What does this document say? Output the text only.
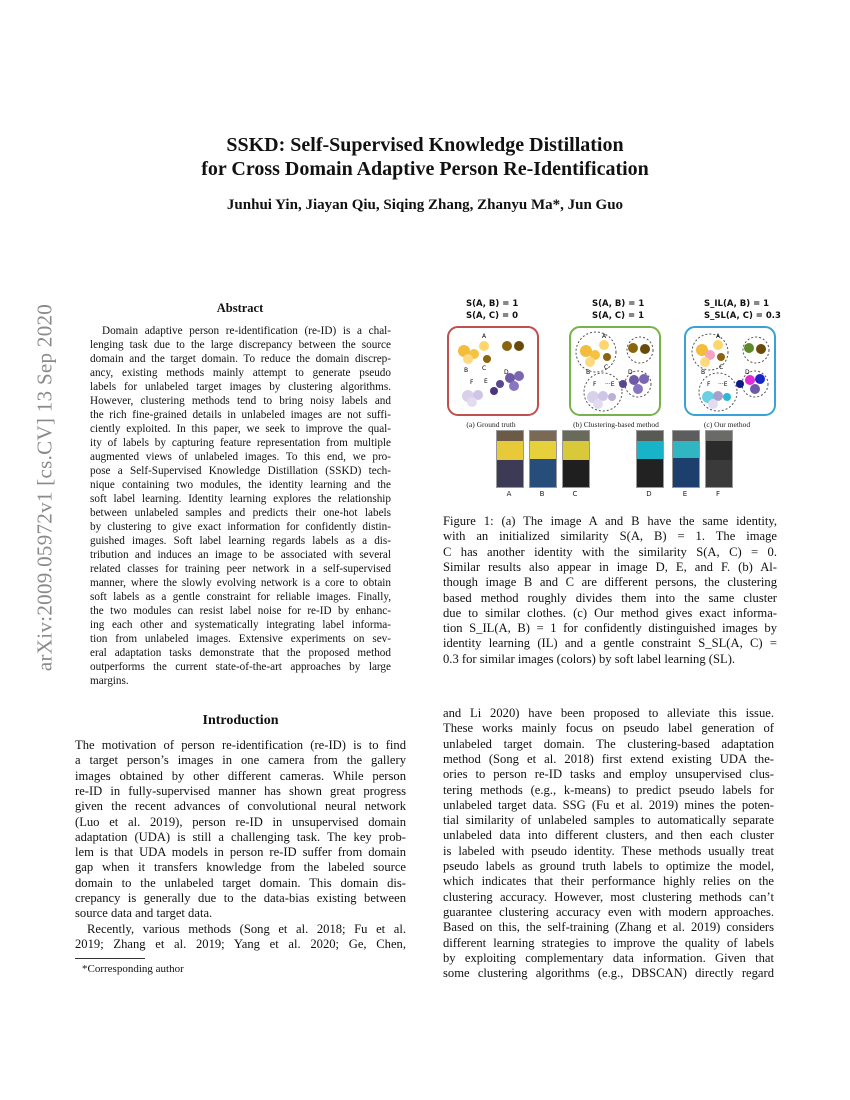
SSKD: Self-Supervised Knowledge Distillation
for Cross Domain Adaptive Person Re-Identification
Junhui Yin, Jiayan Qiu, Siqing Zhang, Zhanyu Ma*, Jun Guo
arXiv:2009.05972v1 [cs.CV] 13 Sep 2020	Abstract
Domain adaptive person re-identification (re-ID) is a chal-
lenging task due to the large discrepancy between the source
domain and the target domain. To reduce the domain discrep-
ancy, existing methods mainly attempt to generate pseudo
labels for unlabeled target images by clustering algorithms.
However, clustering methods tend to bring noisy labels and
the rich fine-grained details in unlabeled images are not suffi-
ciently exploited. In this paper, we seek to improve the qual-
ity of labels by capturing feature representation from multiple
augmented views of unlabeled images. To this end, we pro-
pose a Self-Supervised Knowledge Distillation (SSKD) tech-
nique containing two modules, the identity learning and the
soft label learning. Identity learning explores the relationship
between unlabeled samples and predicts their one-hot labels
by clustering to give exact information for confidently distin-
guished images. Soft label learning regards labels as a dis-
tribution and induces an image to be associated with several
related classes for training peer network in a self-supervised
manner, where the slowly evolving network is a core to obtain
soft labels as a gentle constraint for reliable images. Finally,
the two modules can resist label noise for re-ID by enhanc-
ing each other and systematically integrating label informa-
tion from unlabeled images. Extensive experiments on sev-
eral adaptation tasks demonstrate that the proposed method
outperforms the current state-of-the-art approaches by large
margins.
Introduction
The motivation of person re-identification (re-ID) is to find
a target person’s images in one camera from the gallery
images obtained by other different cameras. While person
re-ID in fully-supervised manner has shown great progress
given the recent advances of convolutional neural network
(Luo et al. 2019), person re-ID in unsupervised domain
adaptation (UDA) is still a challenging task. The key prob-
lem is that UDA models in person re-ID suffer from domain
gap when it transfers knowledge from the labeled source
domain to the unlabeled target domain. This domain dis-
crepancy is generally due to the data-bias existing between
source data and target data.
Recently, various methods (Song et al. 2018; Fu et al.
2019; Zhang et al. 2019; Yang et al. 2020; Ge, Chen,
and Li 2020) have been proposed to alleviate this issue.
These works mainly focus on pseudo label generation of
unlabeled target domain. The clustering-based adaptation
method (Song et al. 2018) first extend existing UDA the-
ories to person re-ID tasks and employ unsupervised clus-
tering methods (e.g., k-means) to predict pseudo labels for
unlabeled target data. SSG (Fu et al. 2019) mines the poten-
tial similarity of unlabeled samples to automatically separate
unlabeled data into different clusters, and then each cluster
is labeled with pseudo identity. These methods usually treat
pseudo labels as ground truth labels to optimize the model,
which indicates that their performance highly relies on the
clustering accuracy. However, most clustering methods can’t
guarantee clustering accuracy even with modern approaches.
Based on this, the self-training (Zhang et al. 2019) considers
different learning strategies to improve the quality of labels
by exploiting complementary data information. Given that
some clustering algorithms (e.g., DBSCAN) directly regard
*Corresponding author
S(A, B) = 1
S(A, C) = 0
S(A, B) = 1
S(A, C) = 1
S_IL(A, B) = 1
S_SL(A, C) = 0.3
A
B C
E
F
D
A
B
C
D
F ···E
A
B
C
D
F ···E
(a) Ground truth	(b) Clustering-based method	(c) Our method
A	B	C	D	E	F
Figure 1: (a) The image A and B have the same identity,
with an initialized similarity S(A, B) = 1. The image
C has another identity with the similarity S(A, C) = 0.
Similar results also appear in image D, E, and F. (b) Al-
though image B and C are different persons, the clustering
based method roughly divides them into the same cluster
due to similar clothes. (c) Our method gives exact informa-
tion S_IL(A, B) = 1 for confidently distinguished images by
identity learning (IL) and a gentle constraint S_SL(A, C) =
0.3 for similar images (colors) by soft label learning (SL).
